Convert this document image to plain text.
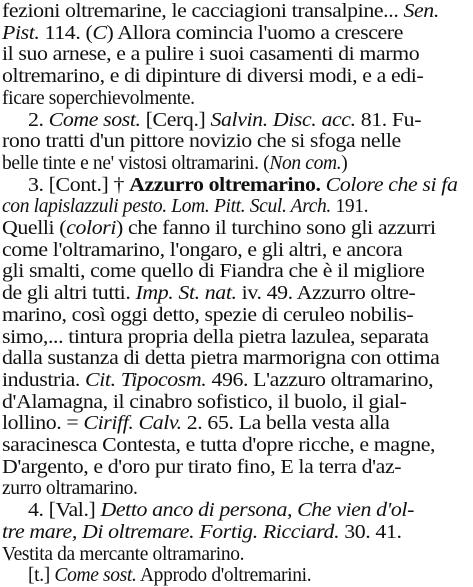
fezioni oltremarine, le cacciagioni transalpine... Sen.
Pist. 114. (C) Allora comincia l'uomo a crescere
il suo arnese, e a pulire i suoi casamenti di marmo
oltremarino, e di dipinture di diversi modi, e a edi-
ficare soperchievolmente.
2. Come sost. [Cerq.] Salvin. Disc. acc. 81. Fu-
rono tratti d'un pittore novizio che si sfoga nelle
belle tinte e ne' vistosi oltramarini. (Non com.)
3. [Cont.] † Azzurro oltremarino. Colore che si fa
con lapislazzuli pesto. Lom. Pitt. Scul. Arch. 191.
Quelli (colori) che fanno il turchino sono gli azzurri
come l'oltramarino, l'ongaro, e gli altri, e ancora
gli smalti, come quello di Fiandra che è il migliore
de gli altri tutti. Imp. St. nat. iv. 49. Azzurro oltre-
marino, così oggi detto, spezie di ceruleo nobilis-
simo,... tintura propria della pietra lazulea, separata
dalla sustanza di detta pietra marmorigna con ottima
industria. Cit. Tipocosm. 496. L'azzuro oltramarino,
d'Alamagna, il cinabro sofistico, il buolo, il gial-
lollino. = Ciriff. Calv. 2. 65. La bella vesta alla
saracinesca Contesta, e tutta d'opre ricche, e magne,
D'argento, e d'oro pur tirato fino, E la terra d'az-
zurro oltramarino.
4. [Val.] Detto anco di persona, Che vien d'ol-
tre mare, Di oltremare. Fortig. Ricciard. 30. 41.
Vestita da mercante oltramarino.
[t.] Come sost. Approdo d'oltremarini.
